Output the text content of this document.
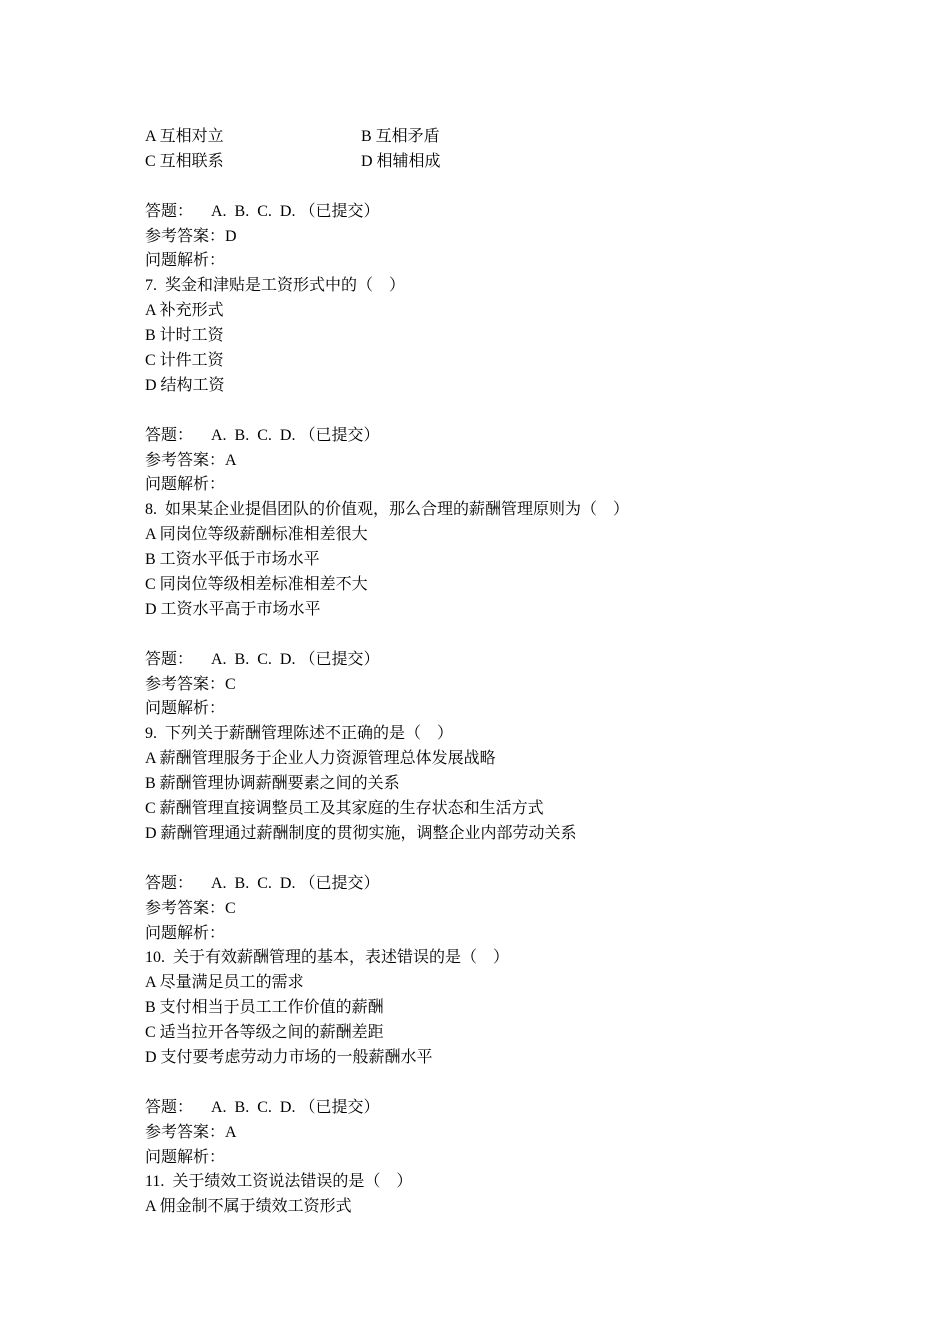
A 互相对立	B 互相矛盾
C 互相联系	D 相辅相成
答题： A.  B.  C.  D. （已提交）
参考答案：D
问题解析：
7.  奖金和津贴是工资形式中的（    ）
A 补充形式
B 计时工资
C 计件工资
D 结构工资
答题： A.  B.  C.  D. （已提交）
参考答案：A
问题解析：
8.  如果某企业提倡团队的价值观，那么合理的薪酬管理原则为（    ）
A 同岗位等级薪酬标准相差很大
B 工资水平低于市场水平
C 同岗位等级相差标准相差不大
D 工资水平高于市场水平
答题： A.  B.  C.  D. （已提交）
参考答案：C
问题解析：
9.  下列关于薪酬管理陈述不正确的是（    ）
A 薪酬管理服务于企业人力资源管理总体发展战略
B 薪酬管理协调薪酬要素之间的关系
C 薪酬管理直接调整员工及其家庭的生存状态和生活方式
D 薪酬管理通过薪酬制度的贯彻实施，调整企业内部劳动关系
答题： A.  B.  C.  D. （已提交）
参考答案：C
问题解析：
10.  关于有效薪酬管理的基本，表述错误的是（    ）
A 尽量满足员工的需求
B 支付相当于员工工作价值的薪酬
C 适当拉开各等级之间的薪酬差距
D 支付要考虑劳动力市场的一般薪酬水平
答题： A.  B.  C.  D. （已提交）
参考答案：A
问题解析：
11.  关于绩效工资说法错误的是（    ）
A 佣金制不属于绩效工资形式
